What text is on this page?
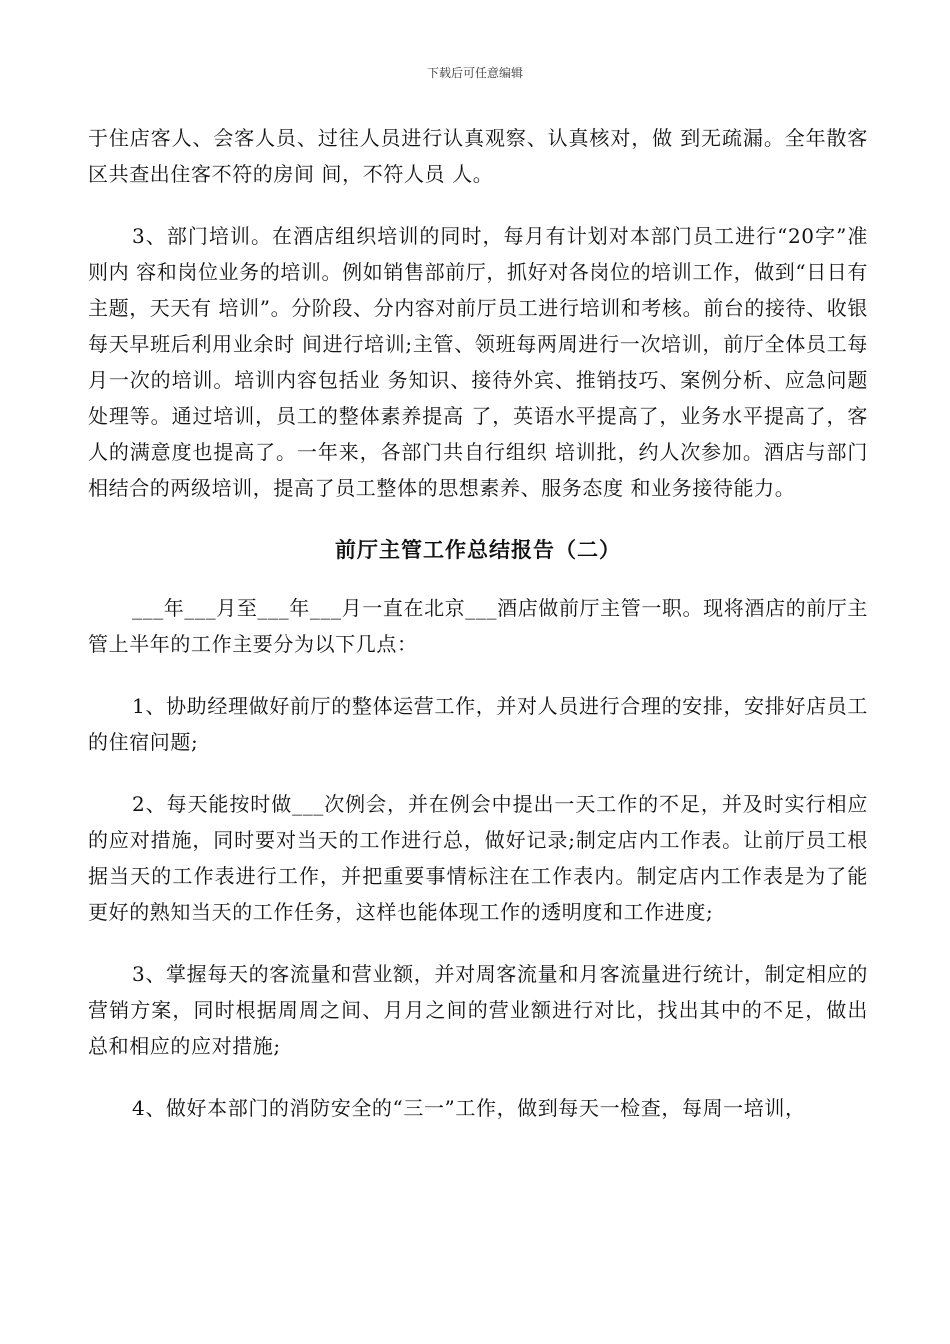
下载后可任意编辑

于住店客人、会客人员、过往人员进行认真观察、认真核对，做 到无疏漏。全年散客区共查出住客不符的房间 间，不符人员 人。

3、部门培训。在酒店组织培训的同时，每月有计划对本部门员工进行“20字”准则内 容和岗位业务的培训。例如销售部前厅，抓好对各岗位的培训工作，做到“日日有主题，天天有 培训”。分阶段、分内容对前厅员工进行培训和考核。前台的接待、收银每天早班后利用业余时 间进行培训;主管、领班每两周进行一次培训，前厅全体员工每月一次的培训。培训内容包括业 务知识、接待外宾、推销技巧、案例分析、应急问题处理等。通过培训，员工的整体素养提高 了，英语水平提高了，业务水平提高了，客人的满意度也提高了。一年来，各部门共自行组织 培训批，约人次参加。酒店与部门相结合的两级培训，提高了员工整体的思想素养、服务态度 和业务接待能力。

前厅主管工作总结报告（二）

___年___月至___年___月一直在北京___酒店做前厅主管一职。现将酒店的前厅主管上半年的工作主要分为以下几点：

1、协助经理做好前厅的整体运营工作，并对人员进行合理的安排，安排好店员工的住宿问题;

2、每天能按时做___次例会，并在例会中提出一天工作的不足，并及时实行相应的应对措施，同时要对当天的工作进行总，做好记录;制定店内工作表。让前厅员工根据当天的工作表进行工作，并把重要事情标注在工作表内。制定店内工作表是为了能更好的熟知当天的工作任务，这样也能体现工作的透明度和工作进度;

3、掌握每天的客流量和营业额，并对周客流量和月客流量进行统计，制定相应的营销方案，同时根据周周之间、月月之间的营业额进行对比，找出其中的不足，做出总和相应的应对措施;

4、做好本部门的消防安全的“三一”工作，做到每天一检查，每周一培训，
